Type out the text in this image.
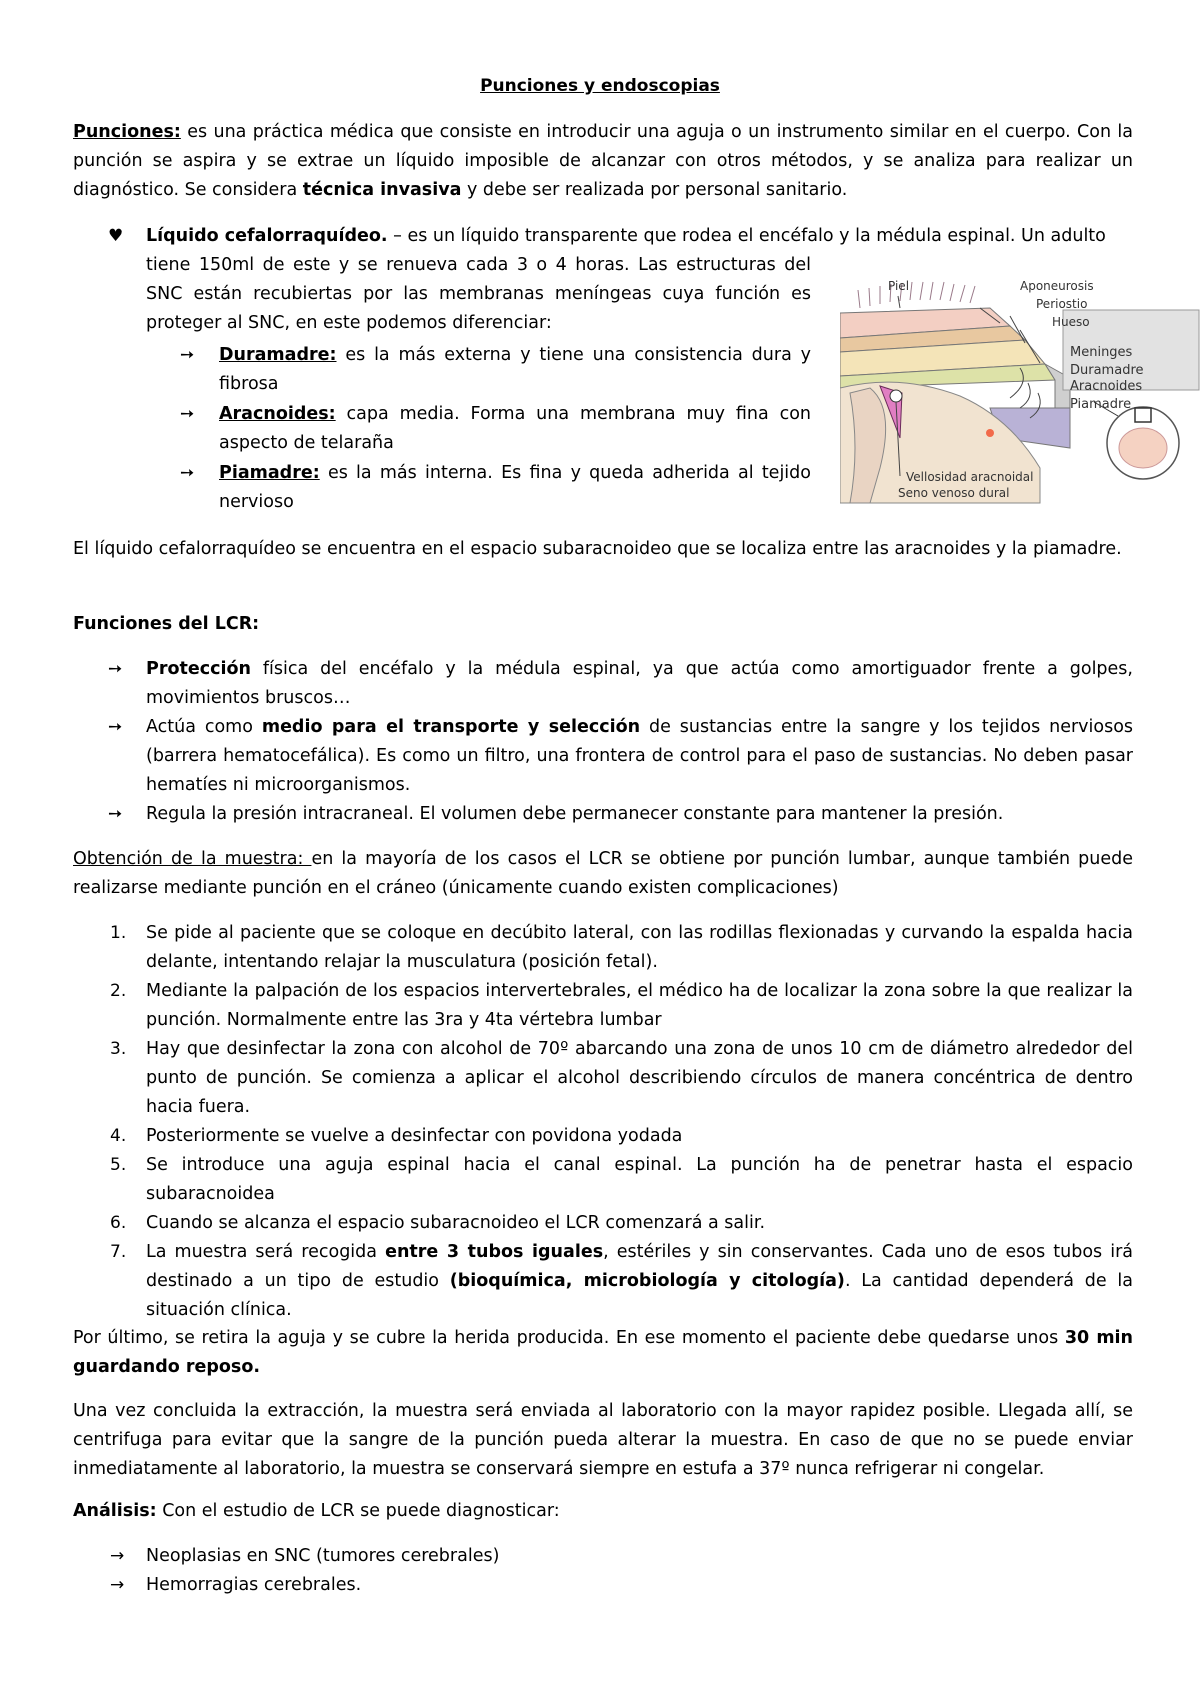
Punciones y endoscopias
Punciones: es una práctica médica que consiste en introducir una aguja o un instrumento similar en el cuerpo. Con la punción se aspira y se extrae un líquido imposible de alcanzar con otros métodos, y se analiza para realizar un diagnóstico. Se considera técnica invasiva y debe ser realizada por personal sanitario.
♥ Líquido cefalorraquídeo. – es un líquido transparente que rodea el encéfalo y la médula espinal. Un adulto
tiene 150ml de este y se renueva cada 3 o 4 horas. Las estructuras del SNC están recubiertas por las membranas meníngeas cuya función es proteger al SNC, en este podemos diferenciar:
➙ Duramadre: es la más externa y tiene una consistencia dura y fibrosa
➙ Aracnoides: capa media. Forma una membrana muy fina con aspecto de telaraña
➙ Piamadre: es la más interna. Es fina y queda adherida al tejido nervioso
Piel	Aponeurosis
Periostio
Hueso
Meninges
Duramadre
Aracnoides
Piamadre
Vellosidad aracnoidal
Seno venoso dural
El líquido cefalorraquídeo se encuentra en el espacio subaracnoideo que se localiza entre las aracnoides y la piamadre.
Funciones del LCR:
➙ Protección física del encéfalo y la médula espinal, ya que actúa como amortiguador frente a golpes, movimientos bruscos…
➙ Actúa como medio para el transporte y selección de sustancias entre la sangre y los tejidos nerviosos (barrera hematocefálica). Es como un filtro, una frontera de control para el paso de sustancias. No deben pasar hematíes ni microorganismos.
➙ Regula la presión intracraneal. El volumen debe permanecer constante para mantener la presión.
Obtención de la muestra: en la mayoría de los casos el LCR se obtiene por punción lumbar, aunque también puede realizarse mediante punción en el cráneo (únicamente cuando existen complicaciones)
1. Se pide al paciente que se coloque en decúbito lateral, con las rodillas flexionadas y curvando la espalda hacia delante, intentando relajar la musculatura (posición fetal).
2. Mediante la palpación de los espacios intervertebrales, el médico ha de localizar la zona sobre la que realizar la punción. Normalmente entre las 3ra y 4ta vértebra lumbar
3. Hay que desinfectar la zona con alcohol de 70º abarcando una zona de unos 10 cm de diámetro alrededor del punto de punción. Se comienza a aplicar el alcohol describiendo círculos de manera concéntrica de dentro hacia fuera.
4. Posteriormente se vuelve a desinfectar con povidona yodada
5. Se introduce una aguja espinal hacia el canal espinal. La punción ha de penetrar hasta el espacio subaracnoidea
6. Cuando se alcanza el espacio subaracnoideo el LCR comenzará a salir.
7. La muestra será recogida entre 3 tubos iguales, estériles y sin conservantes. Cada uno de esos tubos irá destinado a un tipo de estudio (bioquímica, microbiología y citología). La cantidad dependerá de la situación clínica.
Por último, se retira la aguja y se cubre la herida producida. En ese momento el paciente debe quedarse unos 30 min guardando reposo.
Una vez concluida la extracción, la muestra será enviada al laboratorio con la mayor rapidez posible. Llegada allí, se centrifuga para evitar que la sangre de la punción pueda alterar la muestra. En caso de que no se puede enviar inmediatamente al laboratorio, la muestra se conservará siempre en estufa a 37º nunca refrigerar ni congelar.
Análisis: Con el estudio de LCR se puede diagnosticar:
→ Neoplasias en SNC (tumores cerebrales)
→ Hemorragias cerebrales.
